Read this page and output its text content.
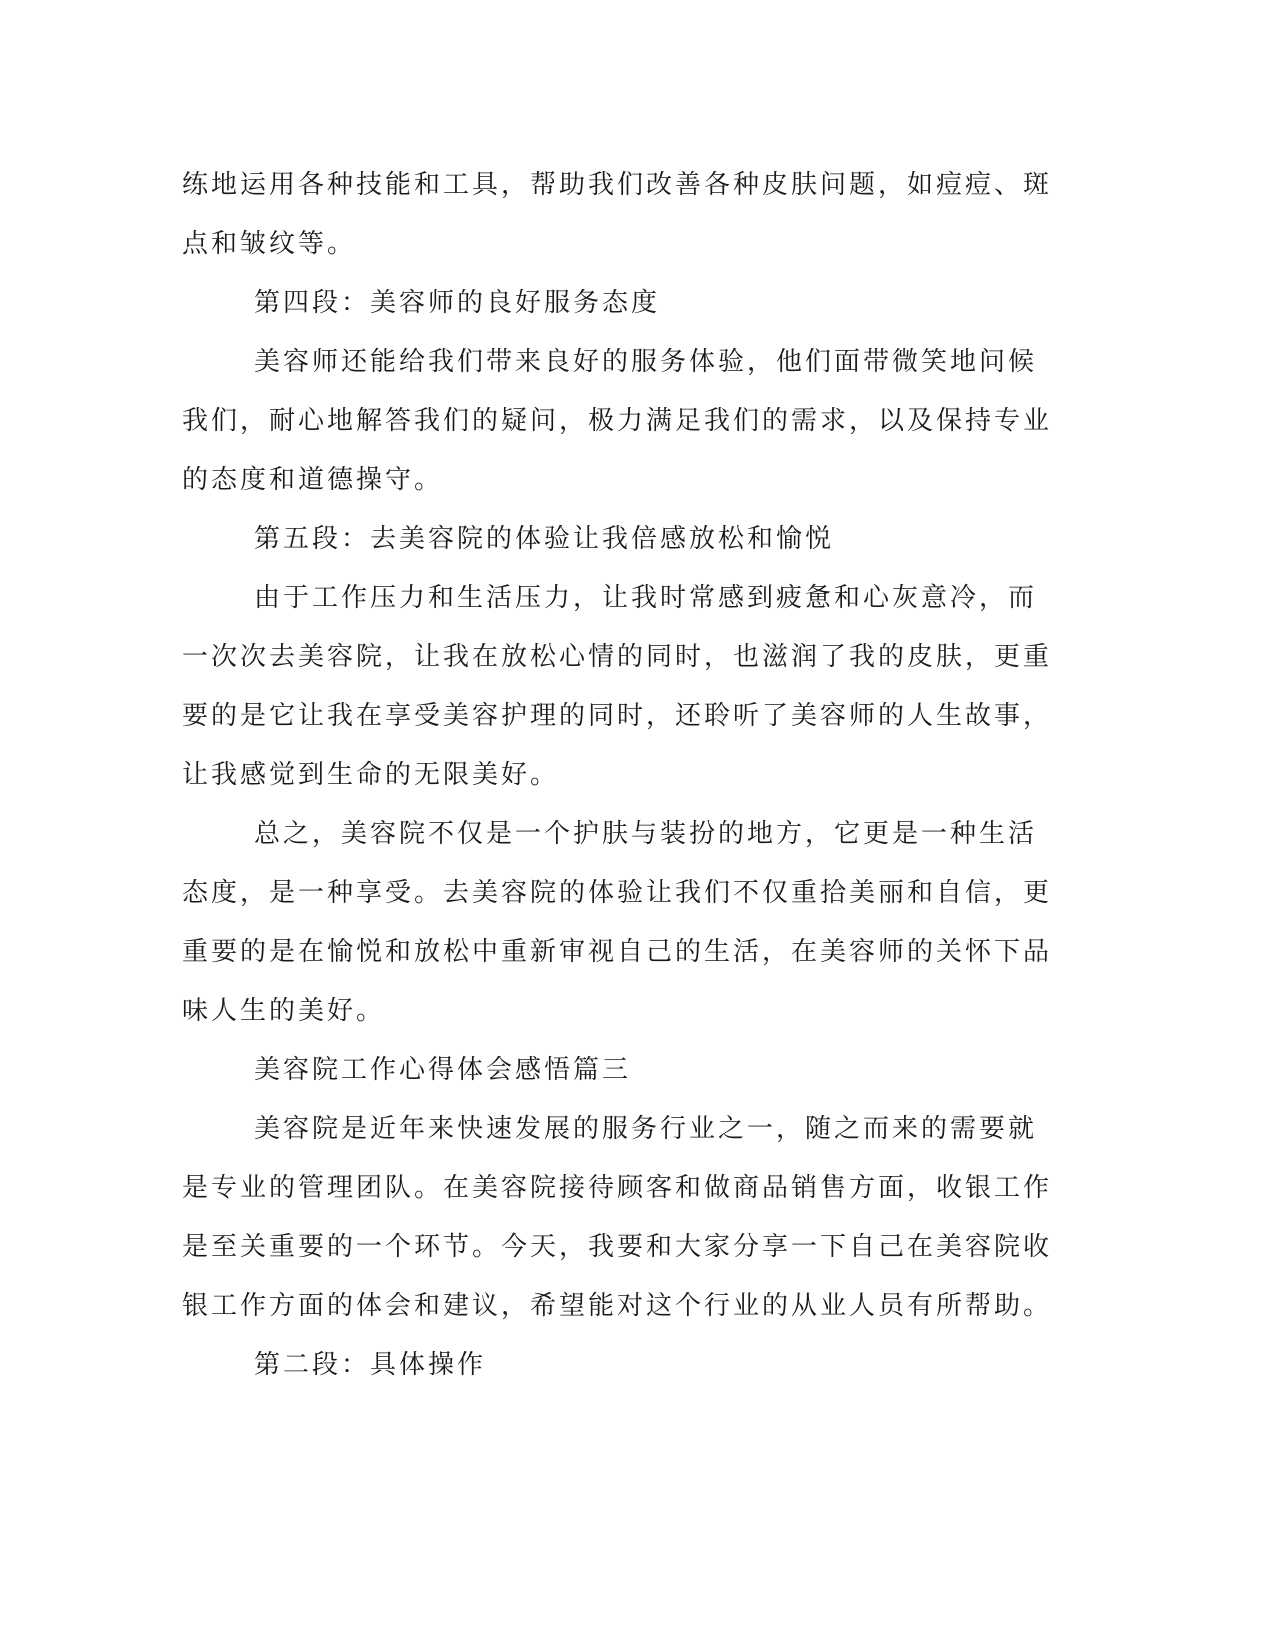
练地运用各种技能和工具，帮助我们改善各种皮肤问题，如痘痘、斑点和皱纹等。

第四段：美容师的良好服务态度

美容师还能给我们带来良好的服务体验，他们面带微笑地问候我们，耐心地解答我们的疑问，极力满足我们的需求，以及保持专业的态度和道德操守。

第五段：去美容院的体验让我倍感放松和愉悦

由于工作压力和生活压力，让我时常感到疲惫和心灰意冷，而一次次去美容院，让我在放松心情的同时，也滋润了我的皮肤，更重要的是它让我在享受美容护理的同时，还聆听了美容师的人生故事，让我感觉到生命的无限美好。

总之，美容院不仅是一个护肤与装扮的地方，它更是一种生活态度，是一种享受。去美容院的体验让我们不仅重拾美丽和自信，更重要的是在愉悦和放松中重新审视自己的生活，在美容师的关怀下品味人生的美好。

美容院工作心得体会感悟篇三

美容院是近年来快速发展的服务行业之一，随之而来的需要就是专业的管理团队。在美容院接待顾客和做商品销售方面，收银工作是至关重要的一个环节。今天，我要和大家分享一下自己在美容院收银工作方面的体会和建议，希望能对这个行业的从业人员有所帮助。

第二段：具体操作
